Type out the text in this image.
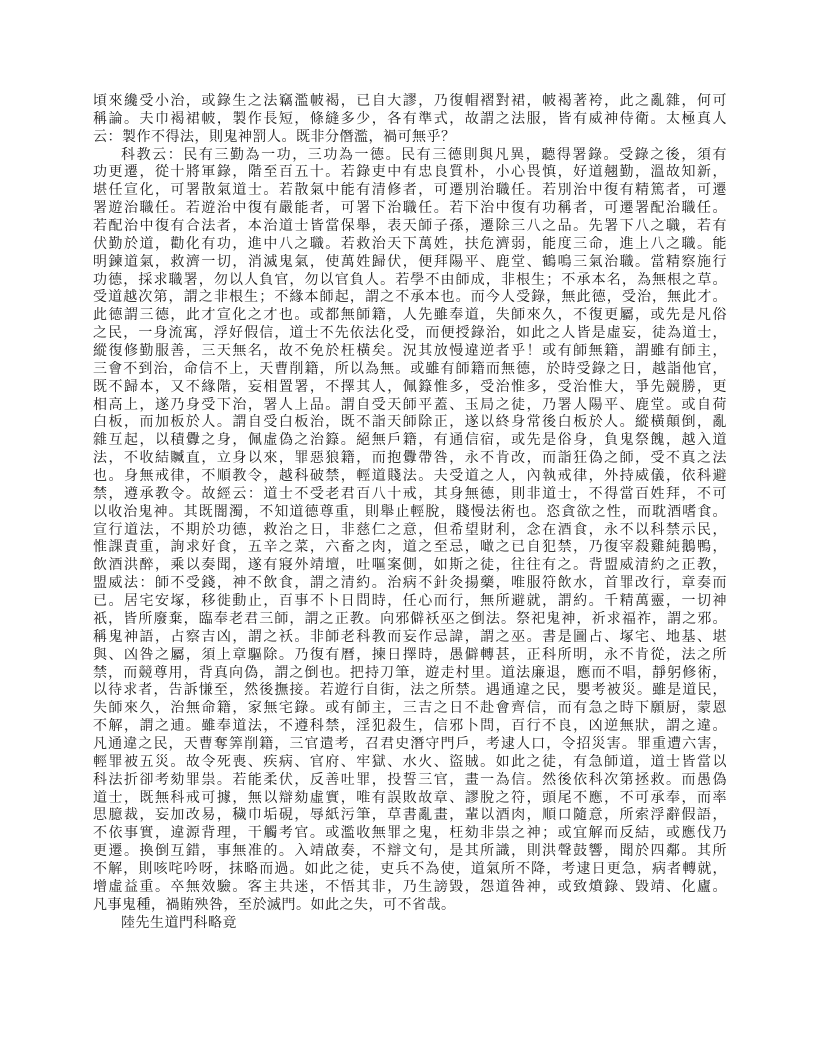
頃來纔受小治，或錄生之法竊濫帔褐，已自大謬，乃復帽褶對裙，帔褐著袴，此之亂雜，何可
稱論。夫巾褐裙帔，製作長短，條縫多少，各有準式，故謂之法服，皆有威神侍衛。太極真人
云：製作不得法，則鬼神罰人。既非分僭濫，禍可無乎？
科教云：民有三勤為一功，三功為一德。民有三德則與凡異，聽得署錄。受錄之後，須有
功更遷，從十將軍錄，階至百五十。若錄吏中有忠良質朴，小心畏慎，好道翹勤，溫故知新，
堪任宣化，可署散氣道士。若散氣中能有清修者，可遷別治職任。若別治中復有精篤者，可遷
署遊治職任。若遊治中復有嚴能者，可署下治職任。若下治中復有功稱者，可遷署配治職任。
若配治中復有合法者，本治道士皆當保舉，表天師子孫，遷除三八之品。先署下八之職，若有
伏勤於道，勸化有功，進中八之職。若救治天下萬姓，扶危濟弱，能度三命，進上八之職。能
明鍊道氣，救濟一切，消滅鬼氣，使萬姓歸伏，便拜陽平、鹿堂、鶴鳴三氣治職。當精察施行
功德，採求職署，勿以人負官，勿以官負人。若學不由師成，非根生；不承本名，為無根之草。
受道越次第，謂之非根生；不緣本師起，謂之不承本也。而今人受錄，無此德，受治，無此才。
此德謂三德，此才宣化之才也。或都無師籍，人先雖奉道，失師來久，不復更屬，或先是凡俗
之民，一身流寓，浮好假信，道士不先依法化受，而便授錄治，如此之人皆是虛妄，徒為道士，
縱復修勤服善，三天無名，故不免於枉橫矣。況其放慢違逆者乎！或有師無籍，謂雖有師主，
三會不到治，命信不上，天曹削籍，所以為無。或雖有師籍而無德，於時受錄之日，越詣他官，
既不歸本，又不緣階，妄相置署，不擇其人，佩籙惟多，受治惟多，受治惟大，爭先競勝，更
相高上，遂乃身受下治，署人上品。謂自受天師平蓋、玉局之徒，乃署人陽平、鹿堂。或自荷
白板，而加板於人。謂自受白板治，既不詣天師除正，遂以終身常後白板於人。縱橫顛倒，亂
雜互起，以積釁之身，佩虛偽之治籙。絕無戶籍，有通信宿，或先是俗身，負鬼祭餽，越入道
法，不收結贓直，立身以來，罪惡狼籍，而抱釁帶咎，永不肯改，而詣狂偽之師，受不真之法
也。身無戒律，不順教令，越科破禁，輕道賤法。夫受道之人，內執戒律，外持威儀，依科避
禁，遵承教令。故經云：道士不受老君百八十戒，其身無德，則非道士，不得當百姓拜，不可
以收治鬼神。其既闇濁，不知道德尊重，則舉止輕脫，賤慢法術也。恣貪欲之性，而耽酒嗜食。
宣行道法，不期於功德，救治之日，非慈仁之意，但希望財利，念在酒食，永不以科禁示民，
惟課責重，詢求好食，五辛之菜，六畜之肉，道之至忌，噉之已自犯禁，乃復宰殺雞純鵝鴨，
飲酒洪醉，乘以奏聞，遂有寢外靖壇，吐嘔案側，如斯之徒，往往有之。背盟威清約之正教，
盟威法：師不受錢，神不飲食，謂之清約。治病不針灸揚藥，唯服符飲水，首罪改行，章奏而
已。居宅安塚，移徙動止，百事不卜日問時，任心而行，無所避就，謂約。千精萬靈，一切神
祇，皆所廢棄，臨奉老君三師，謂之正教。向邪僻袄巫之倒法。祭祀鬼神，祈求福祚，謂之邪。
稱鬼神語，占察吉凶，謂之袄。非師老科教而妄作忌諱，謂之巫。書是圖占、塚宅、地基、堪
與、凶咎之屬，須上章驅除。乃復有曆，揀日擇時，愚僻轉甚，正科所明，永不肯從，法之所
禁，而競尊用，背真向偽，謂之倒也。把持刀筆，遊走村里。道法廉退，應而不唱，靜躬修術，
以待求者，告訴慊至，然後撫接。若遊行自街，法之所禁。遇通違之民，嬰考被災。雖是道民，
失師來久，治無命籍，家無宅錄。或有師主，三吉之日不赴會齊信，而有急之時下願厨，蒙恩
不解，謂之逋。雖奉道法，不遵科禁，淫犯殺生，信邪卜問，百行不良，凶逆無狀，謂之違。
凡通違之民，天曹奪筭削籍，三官遣考，召君史潛守門戶，考逮人口，令招災害。罪重遭六害，
輕罪被五災。故令死喪、疾病、官府、牢獄、水火、盜賊。如此之徒，有急師道，道士皆當以
科法折卻考劾罪祟。若能柔伏，反善吐罪，投誓三官，畫一為信。然後依科次第拯救。而愚偽
道士，既無科戒可據，無以辯劾虛實，唯有誤敗故章、謬脫之符，頭尾不應，不可承奉，而率
思臆裁，妄加改易，穢巾垢硯，辱紙污筆，草書亂畫，輩以酒肉，順口隨意，所索浮辭假語，
不依事實，違源背理，干觸考官。或濫收無罪之鬼，枉劾非祟之神；或宜解而反結，或應伐乃
更遷。換倒互錯，事無准的。入靖啟奏，不辯文句，是其所識，則洪聲鼓響，聞於四鄰。其所
不解，則咳咤吟呀，抹略而過。如此之徒，吏兵不為使，道氣所不降，考逮日更急，病者轉就，
增虛益重。卒無效驗。客主共迷，不悟其非，乃生謗毀，怨道咎神，或致燌錄、毀靖、化廬。
凡事鬼種，禍賄殃咎，至於滅門。如此之失，可不省哉。
陸先生道門科略竟
